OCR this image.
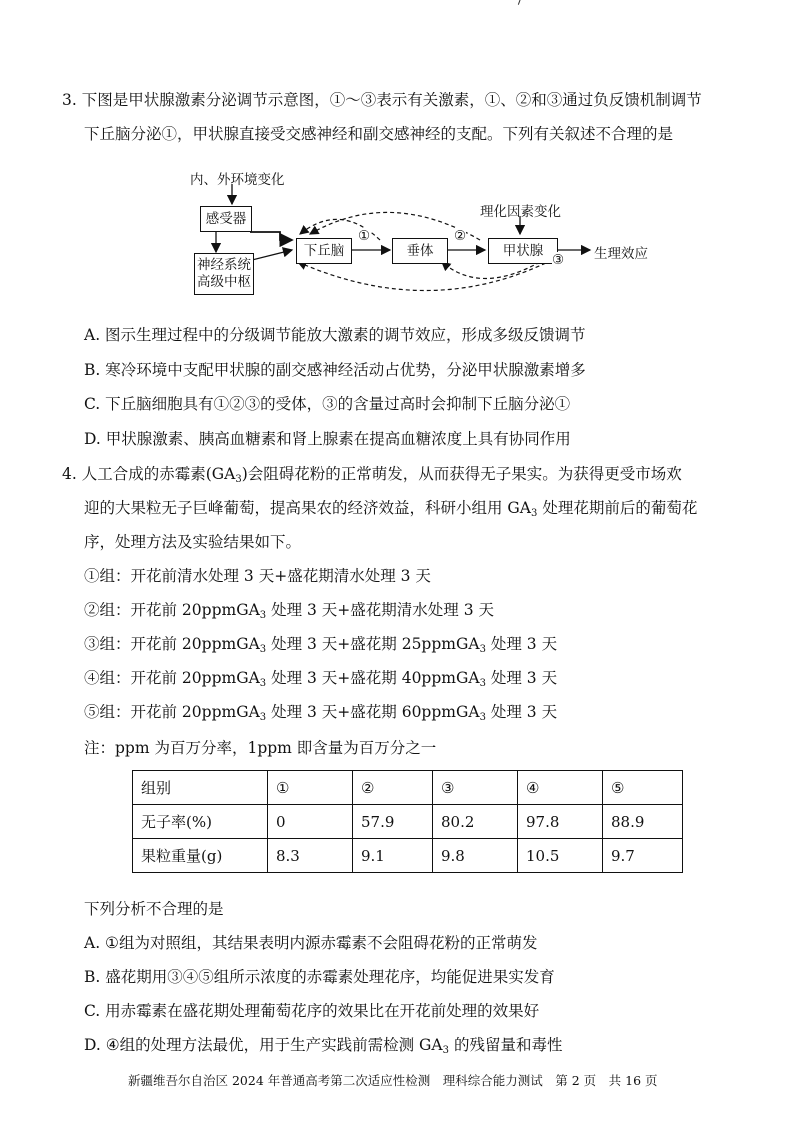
3. 下图是甲状腺激素分泌调节示意图，①～③表示有关激素，①、②和③通过负反馈机制调节
下丘脑分泌①，甲状腺直接受交感神经和副交感神经的支配。下列有关叙述不合理的是
内、外环境变化
感受器
神经系统
高级中枢
下丘脑	垂体	甲状腺
理化因素变化
生理效应
①	②
③
A. 图示生理过程中的分级调节能放大激素的调节效应，形成多级反馈调节
B. 寒冷环境中支配甲状腺的副交感神经活动占优势，分泌甲状腺激素增多
C. 下丘脑细胞具有①②③的受体，③的含量过高时会抑制下丘脑分泌①
D. 甲状腺激素、胰高血糖素和肾上腺素在提高血糖浓度上具有协同作用
4. 人工合成的赤霉素$(GA_3)$会阻碍花粉的正常萌发，从而获得无子果实。为获得更受市场欢
迎的大果粒无子巨峰葡萄，提高果农的经济效益，科研小组用 $GA_3$ 处理花期前后的葡萄花
序，处理方法及实验结果如下。
①组：开花前清水处理 3 天+盛花期清水处理 3 天
②组：开花前 20ppmGA$_3$ 处理 3 天+盛花期清水处理 3 天
③组：开花前 20ppmGA$_3$ 处理 3 天+盛花期 25ppmGA$_3$ 处理 3 天
④组：开花前 20ppmGA$_3$ 处理 3 天+盛花期 40ppmGA$_3$ 处理 3 天
⑤组：开花前 20ppmGA$_3$ 处理 3 天+盛花期 60ppmGA$_3$ 处理 3 天
注：ppm 为百万分率，1ppm 即含量为百万分之一
组别	①	②	③	④	⑤
无子率(%)	0	57.9	80.2	97.8	88.9
果粒重量(g)	8.3	9.1	9.8	10.5	9.7
下列分析不合理的是
A. ①组为对照组，其结果表明内源赤霉素不会阻碍花粉的正常萌发
B. 盛花期用③④⑤组所示浓度的赤霉素处理花序，均能促进果实发育
C. 用赤霉素在盛花期处理葡萄花序的效果比在开花前处理的效果好
D. ④组的处理方法最优，用于生产实践前需检测 $GA_3$ 的残留量和毒性
新疆维吾尔自治区 2024 年普通高考第二次适应性检测　理科综合能力测试　第 2 页　共 16 页
